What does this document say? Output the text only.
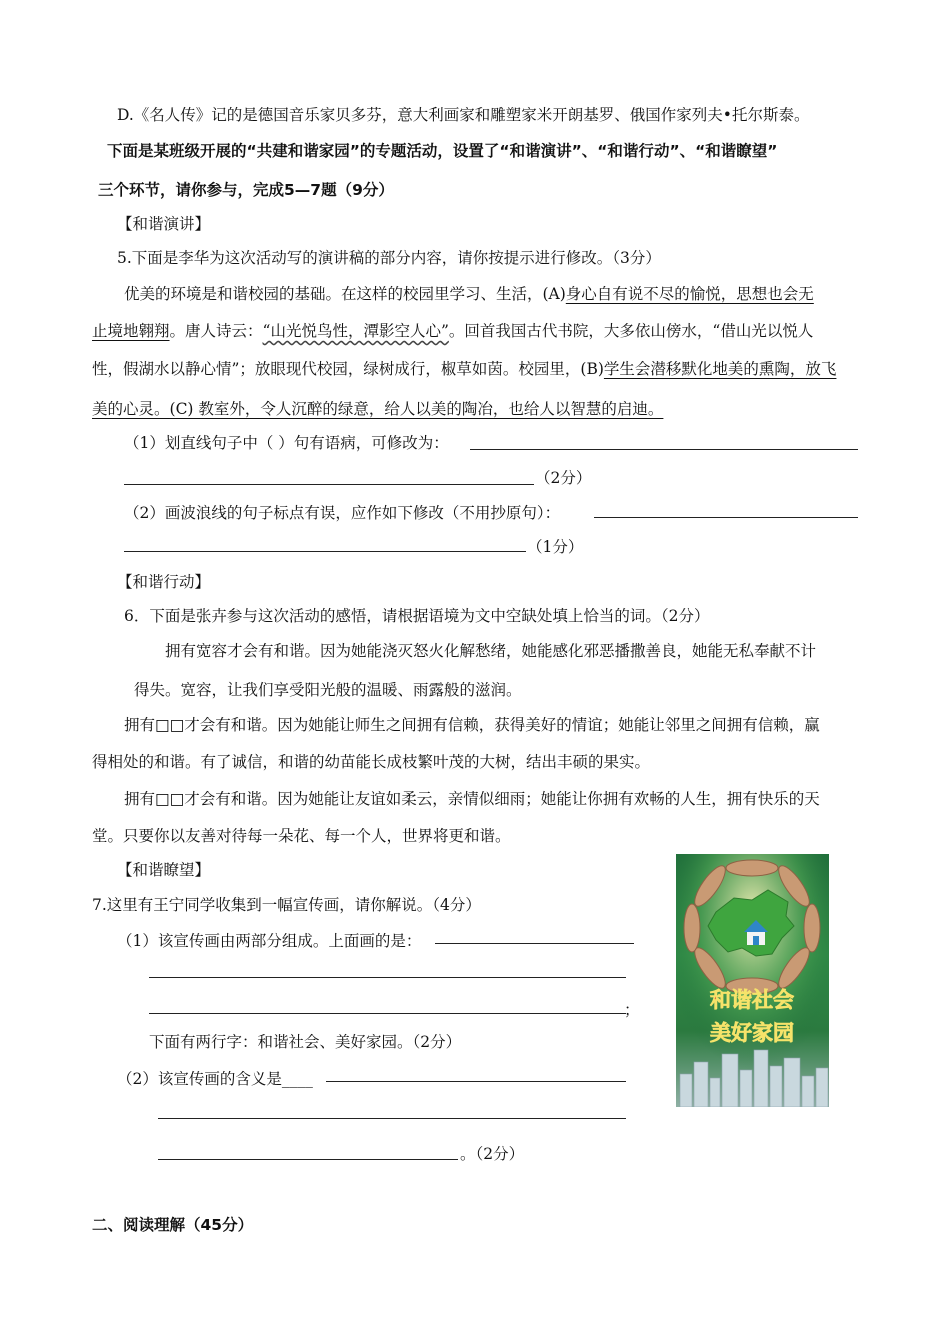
D.《名人传》记的是德国音乐家贝多芬，意大利画家和雕塑家米开朗基罗、俄国作家列夫•托尔斯泰。
下面是某班级开展的“共建和谐家园”的专题活动，设置了“和谐演讲”、“和谐行动”、“和谐瞭望”
三个环节，请你参与，完成5—7题（9分）
【和谐演讲】
5.下面是李华为这次活动写的演讲稿的部分内容，请你按提示进行修改。（3分）
优美的环境是和谐校园的基础。在这样的校园里学习、生活，(A)身心自有说不尽的愉悦，思想也会无
止境地翱翔。唐人诗云：“山光悦鸟性，潭影空人心”。回首我国古代书院，大多依山傍水，“借山光以悦人
性，假湖水以静心情”；放眼现代校园，绿树成行，椒草如茵。校园里，(B)学生会潜移默化地美的熏陶，放飞
美的心灵。(C) 教室外，令人沉醉的绿意，给人以美的陶冶，也给人以智慧的启迪。
（1）划直线句子中（ ）句有语病，可修改为：
（2分）
（2）画波浪线的句子标点有误，应作如下修改（不用抄原句）：
（1分）
【和谐行动】
6．下面是张卉参与这次活动的感悟，请根据语境为文中空缺处填上恰当的词。（2分）
拥有宽容才会有和谐。因为她能浇灭怒火化解愁绪，她能感化邪恶播撒善良，她能无私奉献不计
得失。宽容，让我们享受阳光般的温暖、雨露般的滋润。
拥有□□才会有和谐。因为她能让师生之间拥有信赖，获得美好的情谊；她能让邻里之间拥有信赖，赢
得相处的和谐。有了诚信，和谐的幼苗能长成枝繁叶茂的大树，结出丰硕的果实。
拥有□□才会有和谐。因为她能让友谊如柔云，亲情似细雨；她能让你拥有欢畅的人生，拥有快乐的天
堂。只要你以友善对待每一朵花、每一个人，世界将更和谐。
【和谐瞭望】
7.这里有王宁同学收集到一幅宣传画，请你解说。（4分）
（1）该宣传画由两部分组成。上面画的是：
；
下面有两行字：和谐社会、美好家园。（2分）
（2）该宣传画的含义是____
。（2分）
和谐社会
美好家园
二、阅读理解（45分）
